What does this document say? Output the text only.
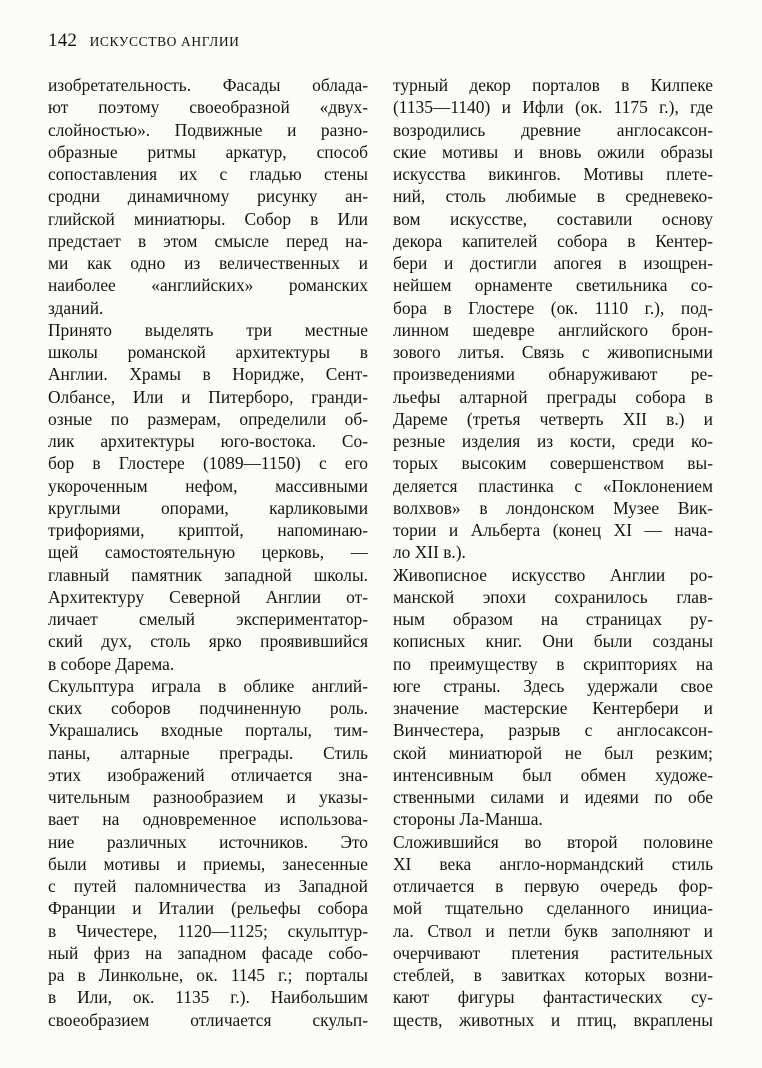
142 ИСКУССТВО АНГЛИИ
изобретательность. Фасады облада-
ют поэтому своеобразной «двух-
слойностью». Подвижные и разно-
образные ритмы аркатур, способ
сопоставления их с гладью стены
сродни динамичному рисунку ан-
глийской миниатюры. Собор в Или
предстает в этом смысле перед на-
ми как одно из величественных и
наиболее «английских» романских
зданий.
Принято выделять три местные
школы романской архитектуры в
Англии. Храмы в Норидже, Сент-
Олбансе, Или и Питерборо, гранди-
озные по размерам, определили об-
лик архитектуры юго-востока. Со-
бор в Глостере (1089—1150) с его
укороченным нефом, массивными
круглыми опорами, карликовыми
трифориями, криптой, напоминаю-
щей самостоятельную церковь, —
главный памятник западной школы.
Архитектуру Северной Англии от-
личает смелый экспериментатор-
ский дух, столь ярко проявившийся
в соборе Дарема.
Скульптура играла в облике англий-
ских соборов подчиненную роль.
Украшались входные порталы, тим-
паны, алтарные преграды. Стиль
этих изображений отличается зна-
чительным разнообразием и указы-
вает на одновременное использова-
ние различных источников. Это
были мотивы и приемы, занесенные
с путей паломничества из Западной
Франции и Италии (рельефы собора
в Чичестере, 1120—1125; скульптур-
ный фриз на западном фасаде собо-
ра в Линкольне, ок. 1145 г.; порталы
в Или, ок. 1135 г.). Наибольшим
своеобразием отличается скульп-
турный декор порталов в Килпеке
(1135—1140) и Ифли (ок. 1175 г.), где
возродились древние англосаксон-
ские мотивы и вновь ожили образы
искусства викингов. Мотивы плете-
ний, столь любимые в средневеко-
вом искусстве, составили основу
декора капителей собора в Кентер-
бери и достигли апогея в изощрен-
нейшем орнаменте светильника со-
бора в Глостере (ок. 1110 г.), под-
линном шедевре английского брон-
зового литья. Связь с живописными
произведениями обнаруживают ре-
льефы алтарной преграды собора в
Дареме (третья четверть XII в.) и
резные изделия из кости, среди ко-
торых высоким совершенством вы-
деляется пластинка с «Поклонением
волхвов» в лондонском Музее Вик-
тории и Альберта (конец XI — нача-
ло XII в.).
Живописное искусство Англии ро-
манской эпохи сохранилось глав-
ным образом на страницах ру-
кописных книг. Они были созданы
по преимуществу в скрипториях на
юге страны. Здесь удержали свое
значение мастерские Кентербери и
Винчестера, разрыв с англосаксон-
ской миниатюрой не был резким;
интенсивным был обмен художе-
ственными силами и идеями по обе
стороны Ла-Манша.
Сложившийся во второй половине
XI века англо-нормандский стиль
отличается в первую очередь фор-
мой тщательно сделанного инициа-
ла. Ствол и петли букв заполняют и
очерчивают плетения растительных
стеблей, в завитках которых возни-
кают фигуры фантастических су-
ществ, животных и птиц, вкраплены
